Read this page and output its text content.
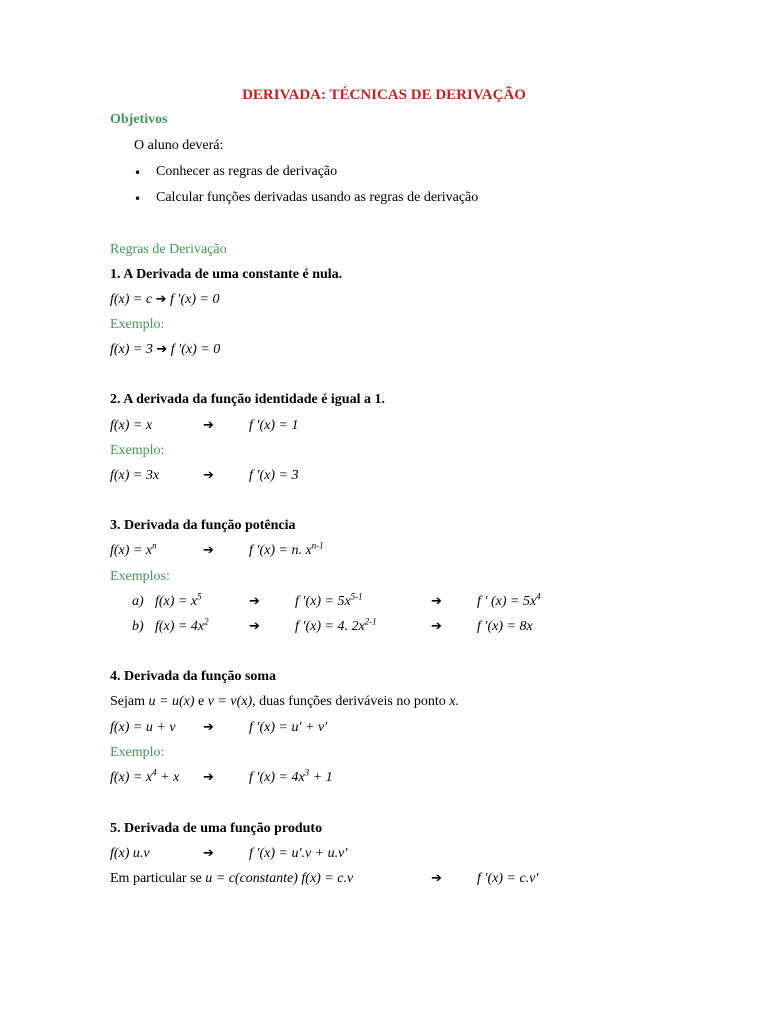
DERIVADA: TÉCNICAS DE DERIVAÇÃO
Objetivos
O aluno deverá:
• Conhecer as regras de derivação
• Calcular funções derivadas usando as regras de derivação
Regras de Derivação
1. A Derivada de uma constante é nula.
f(x) = c ➔ f ′(x) = 0
Exemplo:
f(x) = 3 ➔ f ′(x) = 0
2. A derivada da função identidade é igual a 1.
f(x) = x	➔	f ′(x) = 1
Exemplo:
f(x) = 3x	➔	f ′(x) = 3
3. Derivada da função potência
$f(x) = x^n$	➔	f ′(x) = n. $x^{n-1}$
Exemplos:
a) $f(x) = x^5$	➔	f $'(x) = 5x^{5-1}$	➔	f ′ $(x) = 5x^4$
b) $f(x) = 4x^2$	➔	f ′(x) = 4. $2x^{2-1}$	➔	f ′(x) = 8x
4. Derivada da função soma
Sejam u = u(x) e v = v(x), duas funções deriváveis no ponto x.
f(x) = u + v ➔	f ′(x) = u′ + v′
Exemplo:
$f(x) = x^4 + x$ ➔	f $'(x) = 4x^3 + 1$
5. Derivada de uma função produto
f(x) u.v	➔	f ′(x) = u′.v + u.v′
Em particular se u = c(constante) f(x) = c.v	➔	f ′(x) = c.v′
